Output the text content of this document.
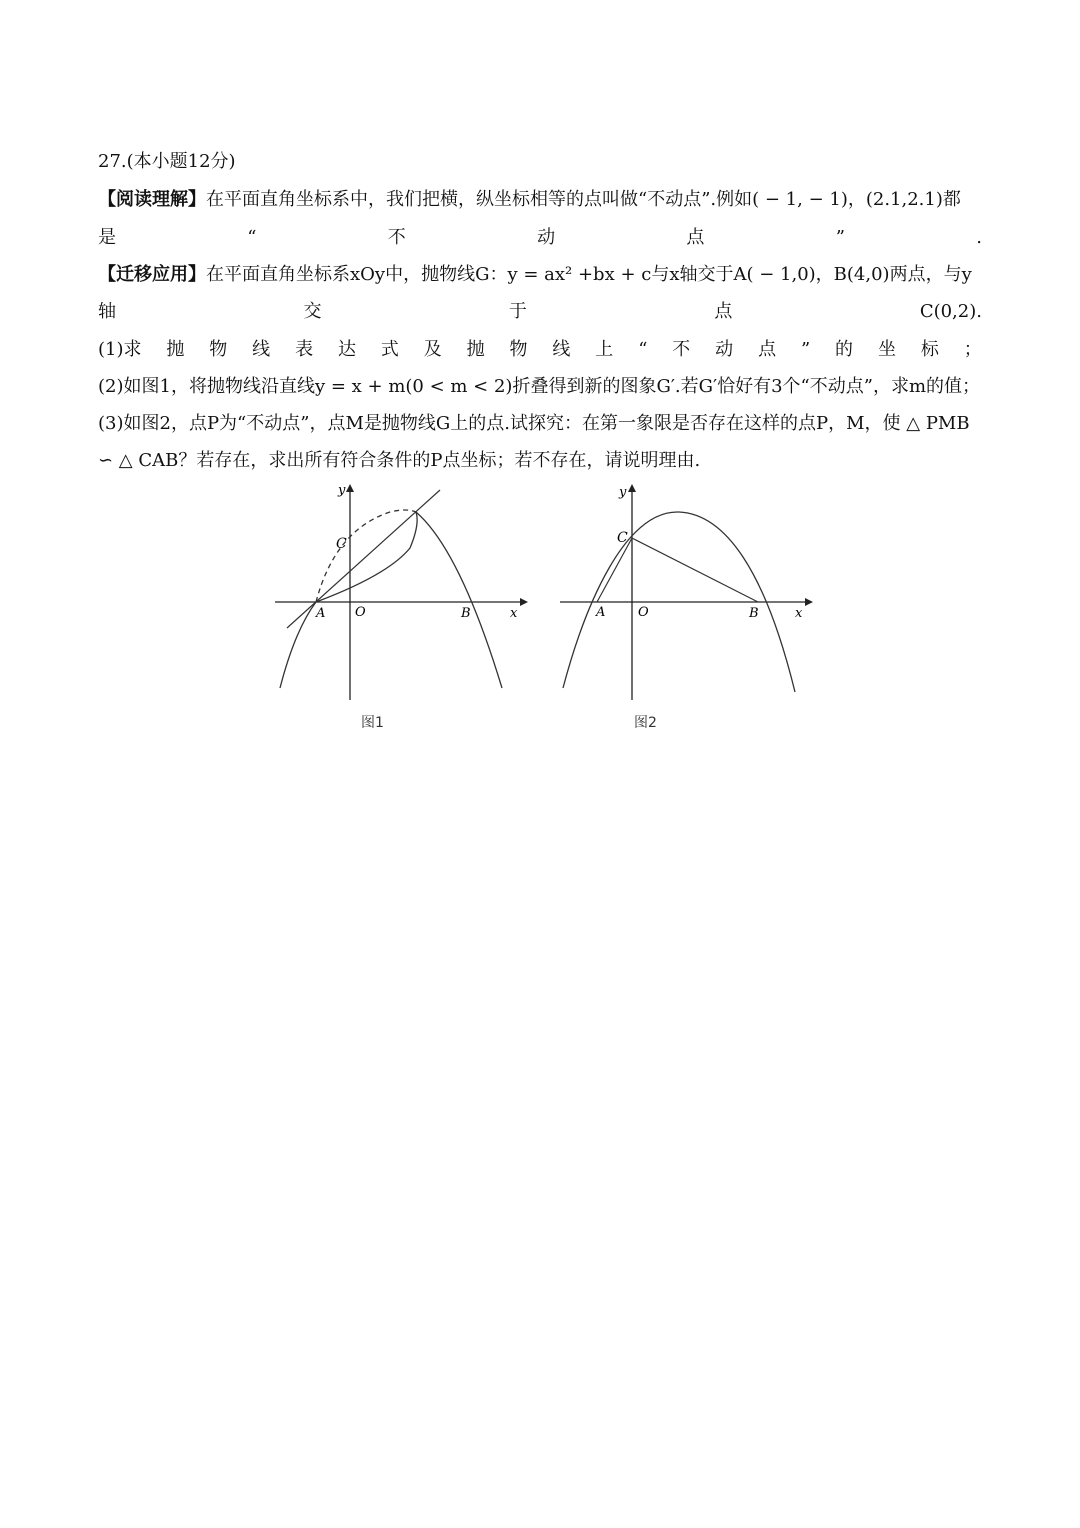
27.(本小题12分)
【阅读理解】在平面直角坐标系中，我们把横，纵坐标相等的点叫做“不动点”.例如( − 1, − 1)，(2.1,2.1)都
是	“	不	动	点	”	.
【迁移应用】在平面直角坐标系xOy中，抛物线G：y = ax² +bx + c与x轴交于A( − 1,0)，B(4,0)两点，与y
轴	交	于	点	C(0,2).
(1)求 抛 物 线 表 达 式 及 抛 物 线 上 “ 不 动 点 ” 的 坐 标 ；
(2)如图1，将抛物线沿直线y = x + m(0 < m < 2)折叠得到新的图象G′.若G′恰好有3个“不动点”，求m的值；
(3)如图2，点P为“不动点”，点M是抛物线G上的点.试探究：在第一象限是否存在这样的点P，M，使 △ PMB
∽ △ CAB？若存在，求出所有符合条件的P点坐标；若不存在，请说明理由.
y
x
C
A O	B
图1
y
x
C
A	O	B
图2
